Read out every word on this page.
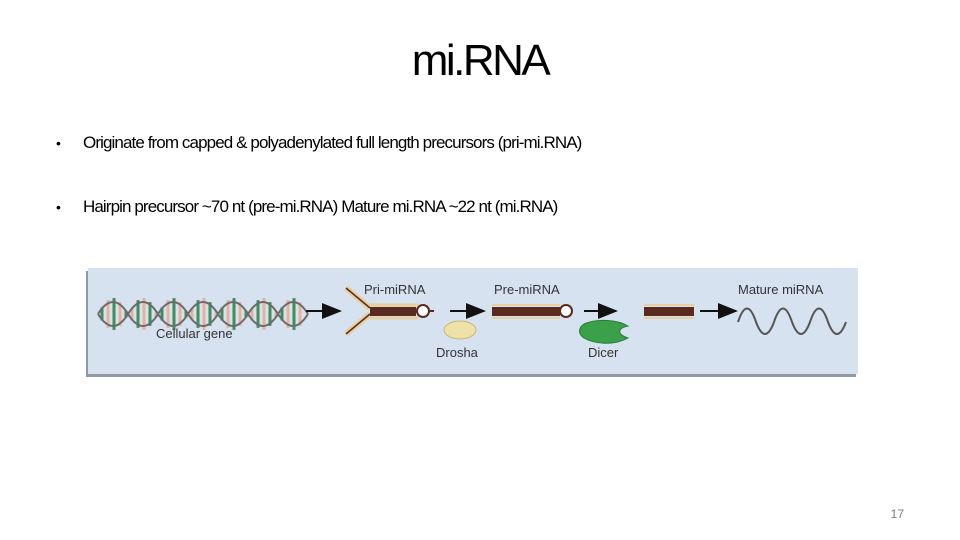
mi.RNA
• Originate from capped & polyadenylated full length precursors (pri-mi.RNA)
• Hairpin precursor ~70 nt (pre-mi.RNA) Mature mi.RNA ~22 nt (mi.RNA)
Cellular gene
Pri-miRNA
Drosha
Pre-miRNA
Dicer
Mature miRNA
17
